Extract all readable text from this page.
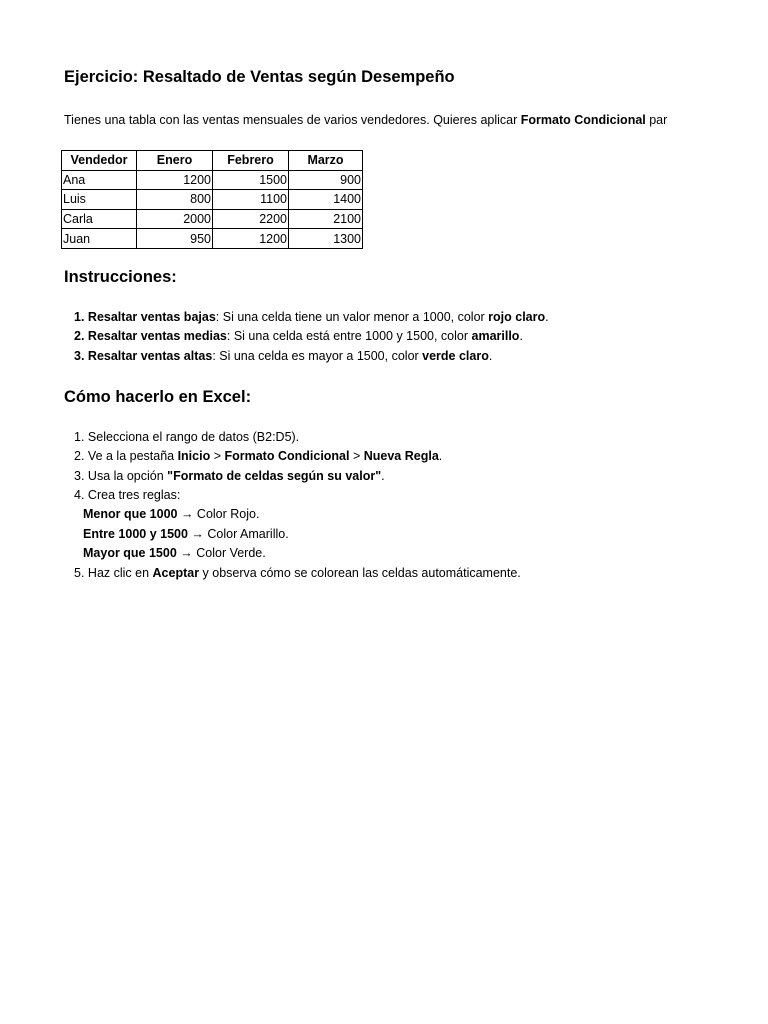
Ejercicio: Resaltado de Ventas según Desempeño
Tienes una tabla con las ventas mensuales de varios vendedores. Quieres aplicar Formato Condicional par
Vendedor	Enero	Febrero	Marzo
Ana	1200	1500	900
Luis	800	1100	1400
Carla	2000	2200	2100
Juan	950	1200	1300
Instrucciones:
1. Resaltar ventas bajas: Si una celda tiene un valor menor a 1000, color rojo claro.
2. Resaltar ventas medias: Si una celda está entre 1000 y 1500, color amarillo.
3. Resaltar ventas altas: Si una celda es mayor a 1500, color verde claro.
Cómo hacerlo en Excel:
1. Selecciona el rango de datos (B2:D5).
2. Ve a la pestaña Inicio > Formato Condicional > Nueva Regla.
3. Usa la opción "Formato de celdas según su valor".
4. Crea tres reglas:
Menor que 1000 → Color Rojo.
Entre 1000 y 1500 → Color Amarillo.
Mayor que 1500 → Color Verde.
5. Haz clic en Aceptar y observa cómo se colorean las celdas automáticamente.
